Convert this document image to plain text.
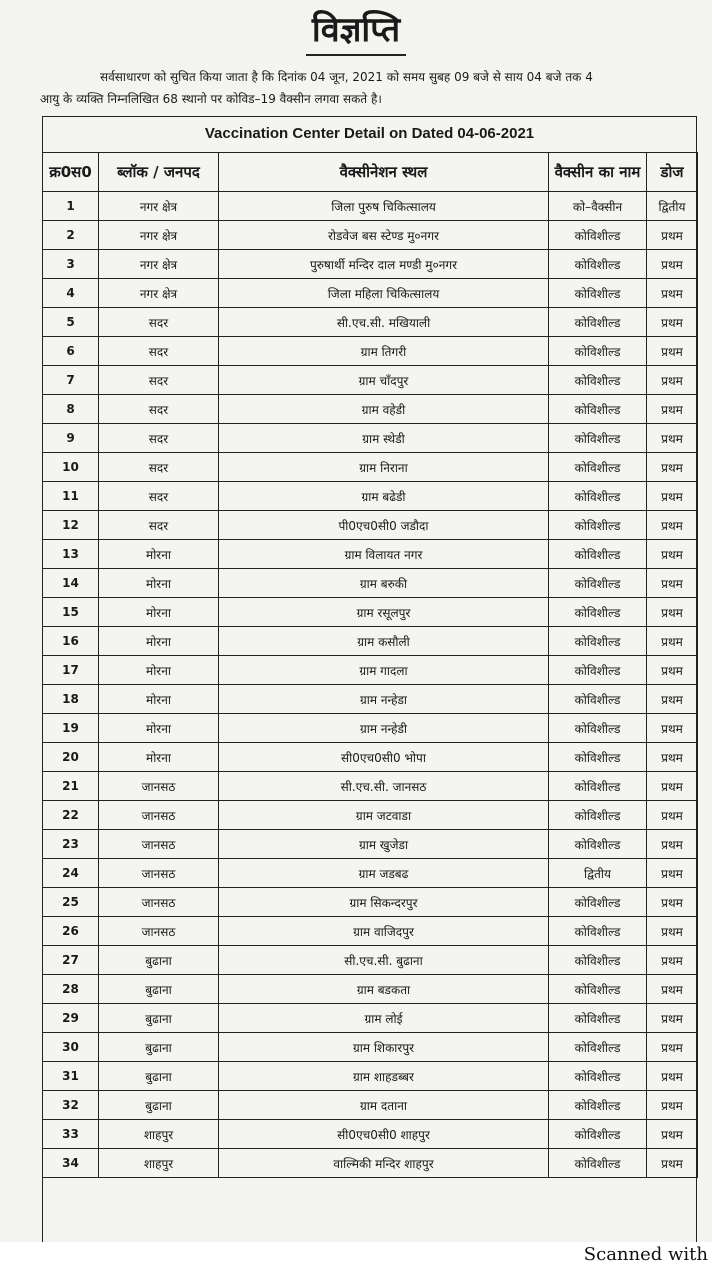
विज्ञप्ति
सर्वसाधारण को सुचित किया जाता है कि दिनांक 04 जून, 2021 को समय सुबह 09 बजे से साय 04 बजे तक 4
आयु के व्यक्ति निम्नलिखित 68 स्थानो पर कोविड–19 वैक्सीन लगवा सकते है।
Vaccination Center Detail on Dated 04-06-2021
क्र0स0	ब्लॉक / जनपद	वैक्सीनेशन स्थल	वैक्सीन का नाम	डोज
1	नगर क्षेत्र	जिला पुरुष चिकित्सालय	को–वैक्सीन	द्वितीय
2	नगर क्षेत्र	रोडवेज बस स्टेण्ड मु०नगर	कोविशील्ड	प्रथम
3	नगर क्षेत्र	पुरुषार्थी मन्दिर दाल मण्डी मु०नगर	कोविशील्ड	प्रथम
4	नगर क्षेत्र	जिला महिला चिकित्सालय	कोविशील्ड	प्रथम
5	सदर	सी.एच.सी. मखियाली	कोविशील्ड	प्रथम
6	सदर	ग्राम तिगरी	कोविशील्ड	प्रथम
7	सदर	ग्राम चाँदपुर	कोविशील्ड	प्रथम
8	सदर	ग्राम वहेडी	कोविशील्ड	प्रथम
9	सदर	ग्राम स्थेडी	कोविशील्ड	प्रथम
10	सदर	ग्राम निराना	कोविशील्ड	प्रथम
11	सदर	ग्राम बढेडी	कोविशील्ड	प्रथम
12	सदर	पी0एच0सी0 जडौदा	कोविशील्ड	प्रथम
13	मोरना	ग्राम विलायत नगर	कोविशील्ड	प्रथम
14	मोरना	ग्राम बरुकी	कोविशील्ड	प्रथम
15	मोरना	ग्राम रसूलपुर	कोविशील्ड	प्रथम
16	मोरना	ग्राम कसौली	कोविशील्ड	प्रथम
17	मोरना	ग्राम गादला	कोविशील्ड	प्रथम
18	मोरना	ग्राम नन्हेडा	कोविशील्ड	प्रथम
19	मोरना	ग्राम नन्हेडी	कोविशील्ड	प्रथम
20	मोरना	सी0एच0सी0 भोपा	कोविशील्ड	प्रथम
21	जानसठ	सी.एच.सी. जानसठ	कोविशील्ड	प्रथम
22	जानसठ	ग्राम जटवाडा	कोविशील्ड	प्रथम
23	जानसठ	ग्राम खुजेडा	कोविशील्ड	प्रथम
24	जानसठ	ग्राम जडबढ	द्वितीय	प्रथम
25	जानसठ	ग्राम सिकन्दरपुर	कोविशील्ड	प्रथम
26	जानसठ	ग्राम वाजिदपुर	कोविशील्ड	प्रथम
27	बुढाना	सी.एच.सी. बुढाना	कोविशील्ड	प्रथम
28	बुढाना	ग्राम बडकता	कोविशील्ड	प्रथम
29	बुढाना	ग्राम लोई	कोविशील्ड	प्रथम
30	बुढाना	ग्राम शिकारपुर	कोविशील्ड	प्रथम
31	बुढाना	ग्राम शाहडब्बर	कोविशील्ड	प्रथम
32	बुढाना	ग्राम दताना	कोविशील्ड	प्रथम
33	शाहपुर	सी0एच0सी0 शाहपुर	कोविशील्ड	प्रथम
34	शाहपुर	वाल्मिकी मन्दिर शाहपुर	कोविशील्ड	प्रथम
Scanned with
